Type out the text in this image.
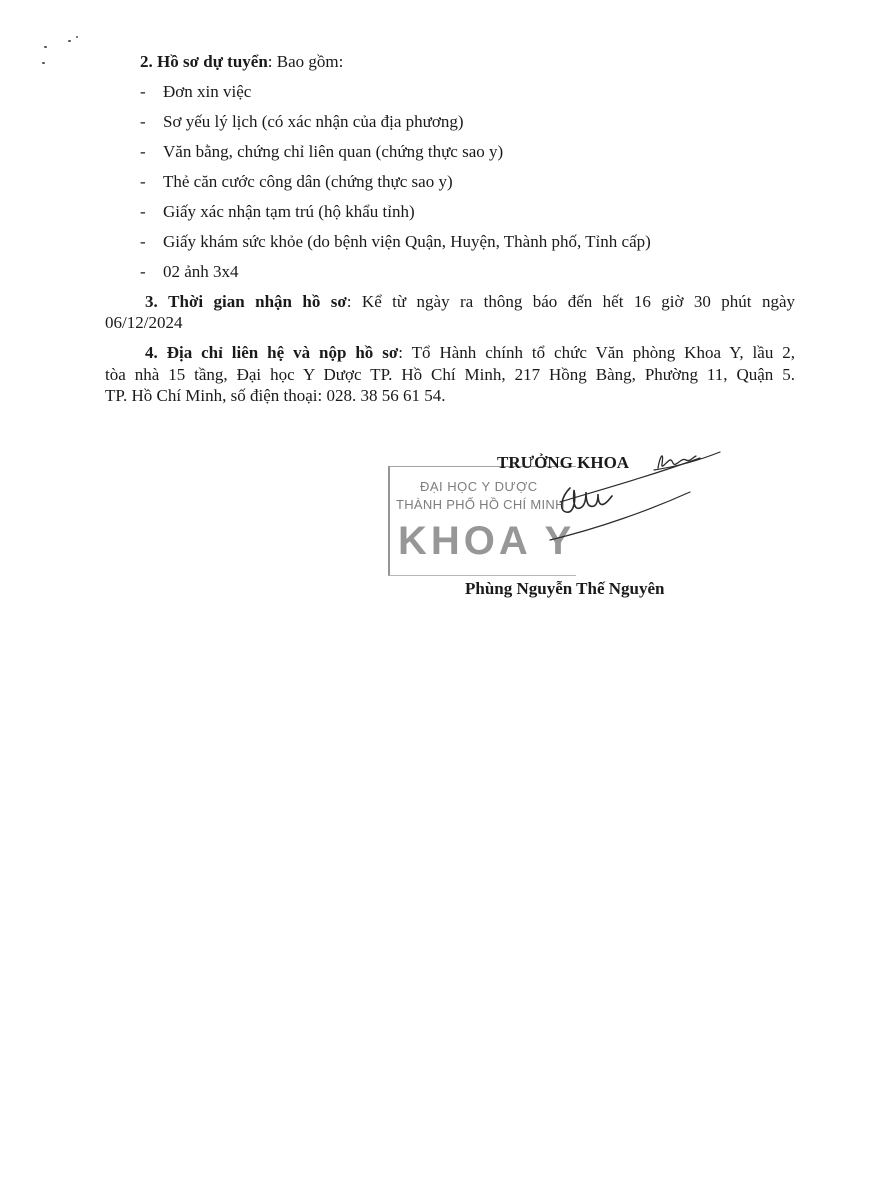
2. Hồ sơ dự tuyển: Bao gồm:
- Đơn xin việc
- Sơ yếu lý lịch (có xác nhận của địa phương)
- Văn bằng, chứng chỉ liên quan (chứng thực sao y)
- Thẻ căn cước công dân (chứng thực sao y)
- Giấy xác nhận tạm trú (hộ khẩu tỉnh)
- Giấy khám sức khỏe (do bệnh viện Quận, Huyện, Thành phố, Tỉnh cấp)
- 02 ảnh 3x4
3. Thời gian nhận hồ sơ: Kể từ ngày ra thông báo đến hết 16 giờ 30 phút ngày
06/12/2024
4. Địa chỉ liên hệ và nộp hồ sơ: Tổ Hành chính tổ chức Văn phòng Khoa Y, lầu 2,
tòa nhà 15 tầng, Đại học Y Dược TP. Hồ Chí Minh, 217 Hồng Bàng, Phường 11, Quận 5.
TP. Hồ Chí Minh, số điện thoại: 028. 38 56 61 54.
ĐẠI HỌC Y DƯỢC
THÀNH PHỐ HỒ CHÍ MINH
KHOA Y
TRƯỞNG KHOA
Phùng Nguyễn Thế Nguyên
